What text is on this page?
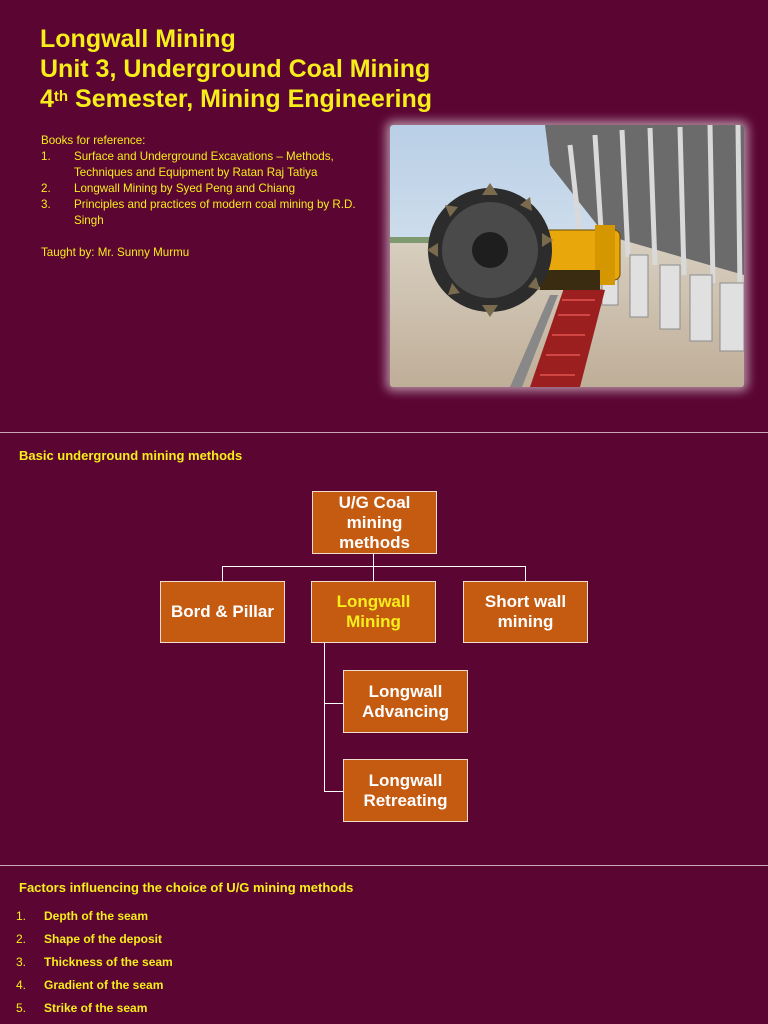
Longwall Mining
Unit 3, Underground Coal Mining
4th Semester, Mining Engineering
Books for reference:
1.	Surface and Underground Excavations – Methods, Techniques and Equipment by Ratan Raj Tatiya
2.	Longwall Mining by Syed Peng and Chiang
3.	Principles and practices of modern coal mining by R.D. Singh
Taught by: Mr. Sunny Murmu
Basic underground mining methods
U/G Coal mining methods
Bord & Pillar
Longwall Mining
Short wall mining
Longwall Advancing
Longwall Retreating
Factors influencing the choice of U/G mining methods
1.	Depth of the seam
2.	Shape of the deposit
3.	Thickness of the seam
4.	Gradient of the seam
5.	Strike of the seam
